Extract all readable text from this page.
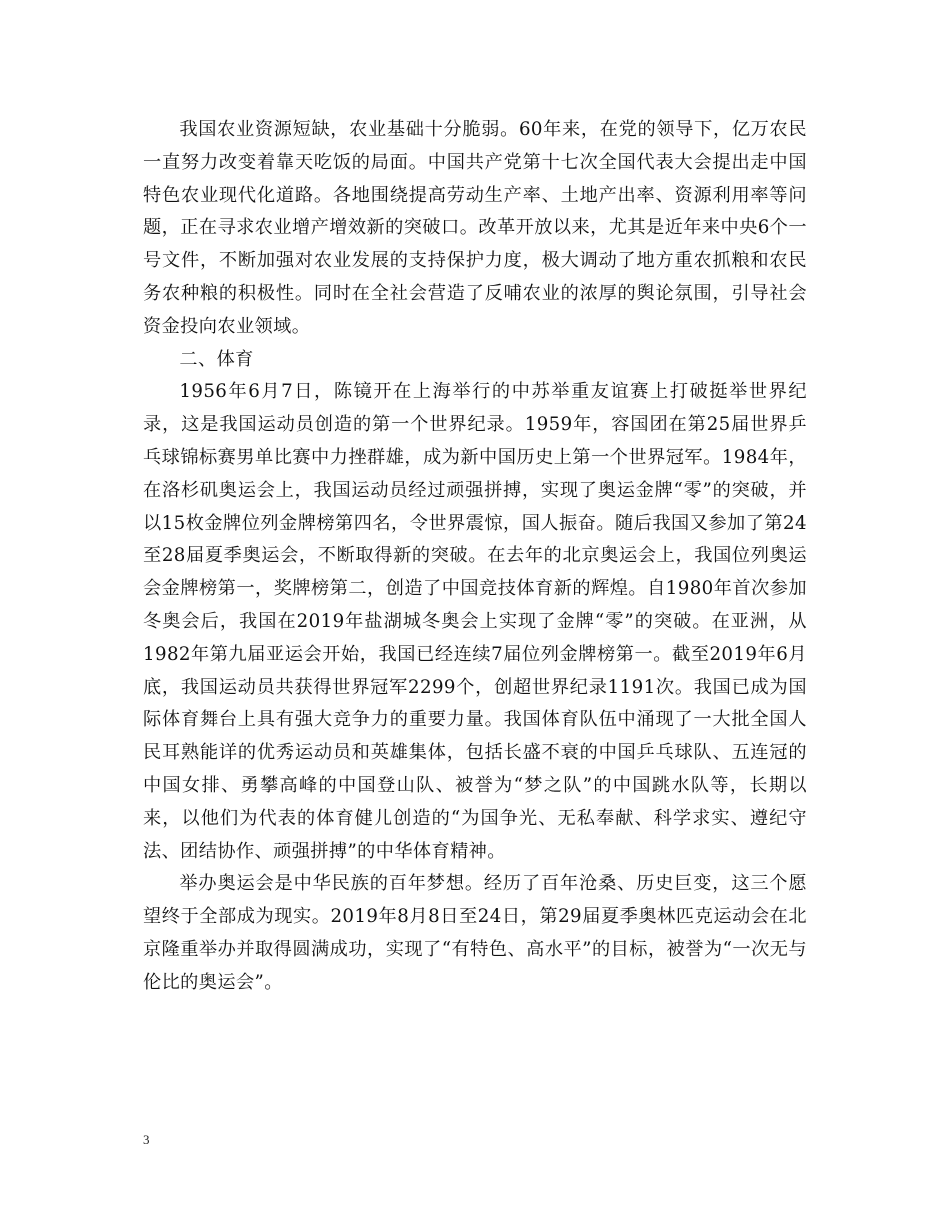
我国农业资源短缺，农业基础十分脆弱。60年来，在党的领导下，亿万农民一直努力改变着靠天吃饭的局面。中国共产党第十七次全国代表大会提出走中国特色农业现代化道路。各地围绕提高劳动生产率、土地产出率、资源利用率等问题，正在寻求农业增产增效新的突破口。改革开放以来，尤其是近年来中央6个一号文件，不断加强对农业发展的支持保护力度，极大调动了地方重农抓粮和农民务农种粮的积极性。同时在全社会营造了反哺农业的浓厚的舆论氛围，引导社会资金投向农业领域。

二、体育

1956年6月7日，陈镜开在上海举行的中苏举重友谊赛上打破挺举世界纪录，这是我国运动员创造的第一个世界纪录。1959年，容国团在第25届世界乒乓球锦标赛男单比赛中力挫群雄，成为新中国历史上第一个世界冠军。1984年，在洛杉矶奥运会上，我国运动员经过顽强拼搏，实现了奥运金牌“零”的突破，并以15枚金牌位列金牌榜第四名，令世界震惊，国人振奋。随后我国又参加了第24至28届夏季奥运会，不断取得新的突破。在去年的北京奥运会上，我国位列奥运会金牌榜第一，奖牌榜第二，创造了中国竞技体育新的辉煌。自1980年首次参加冬奥会后，我国在2019年盐湖城冬奥会上实现了金牌“零”的突破。在亚洲，从1982年第九届亚运会开始，我国已经连续7届位列金牌榜第一。截至2019年6月底，我国运动员共获得世界冠军2299个，创超世界纪录1191次。我国已成为国际体育舞台上具有强大竞争力的重要力量。我国体育队伍中涌现了一大批全国人民耳熟能详的优秀运动员和英雄集体，包括长盛不衰的中国乒乓球队、五连冠的中国女排、勇攀高峰的中国登山队、被誉为“梦之队”的中国跳水队等，长期以来，以他们为代表的体育健儿创造的“为国争光、无私奉献、科学求实、遵纪守法、团结协作、顽强拼搏”的中华体育精神。

举办奥运会是中华民族的百年梦想。经历了百年沧桑、历史巨变，这三个愿望终于全部成为现实。2019年8月8日至24日，第29届夏季奥林匹克运动会在北京隆重举办并取得圆满成功，实现了“有特色、高水平”的目标，被誉为“一次无与伦比的奥运会”。

3
